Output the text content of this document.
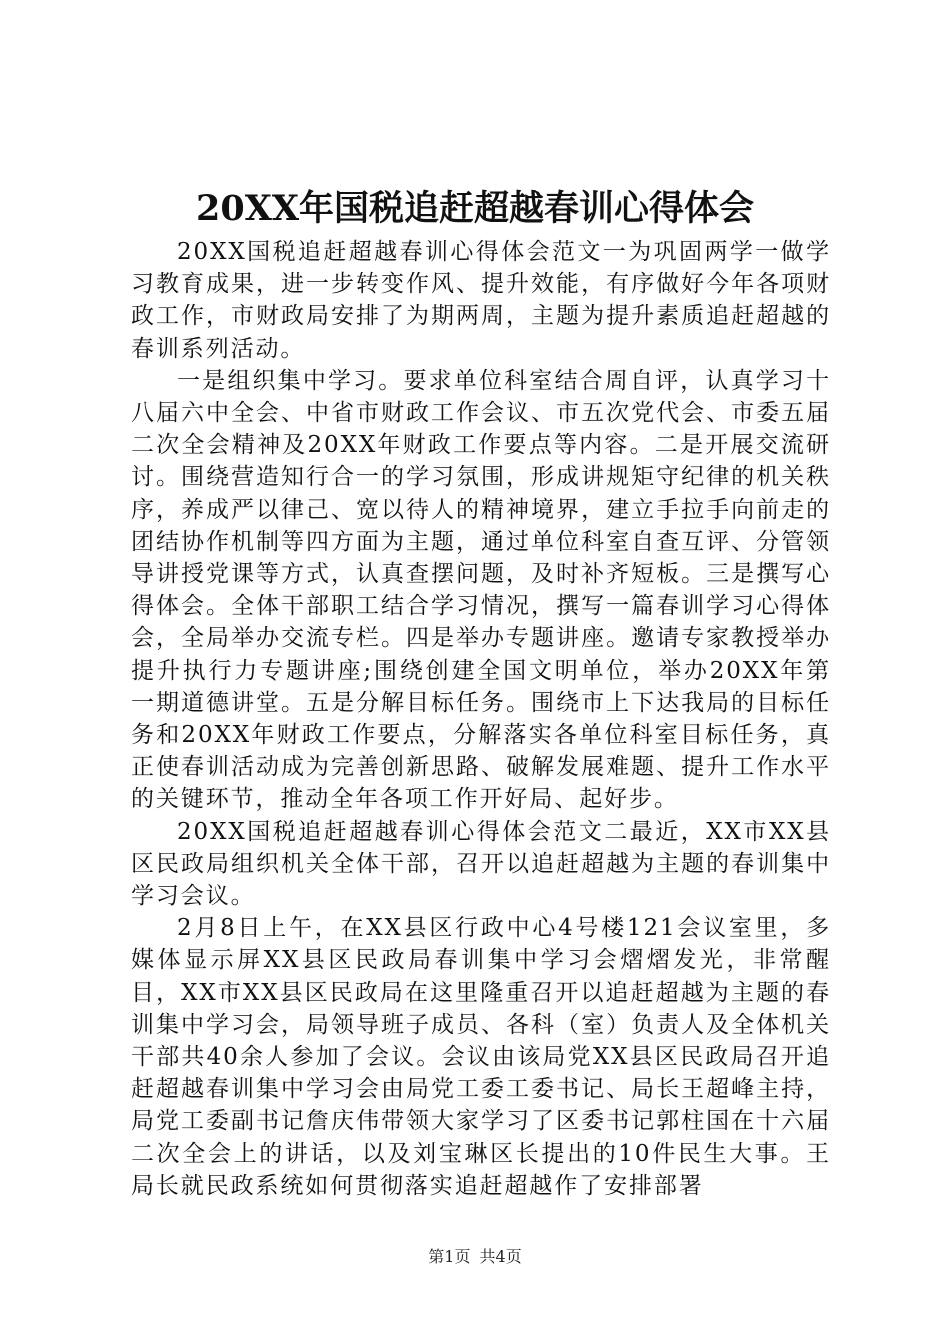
20XX年国税追赶超越春训心得体会

20XX国税追赶超越春训心得体会范文一为巩固两学一做学习教育成果，进一步转变作风、提升效能，有序做好今年各项财政工作，市财政局安排了为期两周，主题为提升素质追赶超越的春训系列活动。

一是组织集中学习。要求单位科室结合周自评，认真学习十八届六中全会、中省市财政工作会议、市五次党代会、市委五届二次全会精神及20XX年财政工作要点等内容。二是开展交流研讨。围绕营造知行合一的学习氛围，形成讲规矩守纪律的机关秩序，养成严以律己、宽以待人的精神境界，建立手拉手向前走的团结协作机制等四方面为主题，通过单位科室自查互评、分管领导讲授党课等方式，认真查摆问题，及时补齐短板。三是撰写心得体会。全体干部职工结合学习情况，撰写一篇春训学习心得体会，全局举办交流专栏。四是举办专题讲座。邀请专家教授举办提升执行力专题讲座;围绕创建全国文明单位，举办20XX年第一期道德讲堂。五是分解目标任务。围绕市上下达我局的目标任务和20XX年财政工作要点，分解落实各单位科室目标任务，真正使春训活动成为完善创新思路、破解发展难题、提升工作水平的关键环节，推动全年各项工作开好局、起好步。

20XX国税追赶超越春训心得体会范文二最近，XX市XX县区民政局组织机关全体干部，召开以追赶超越为主题的春训集中学习会议。

2月8日上午，在XX县区行政中心4号楼121会议室里，多媒体显示屏XX县区民政局春训集中学习会熠熠发光，非常醒目，XX市XX县区民政局在这里隆重召开以追赶超越为主题的春训集中学习会，局领导班子成员、各科（室）负责人及全体机关干部共40余人参加了会议。会议由该局党XX县区民政局召开追赶超越春训集中学习会由局党工委工委书记、局长王超峰主持，局党工委副书记詹庆伟带领大家学习了区委书记郭柱国在十六届二次全会上的讲话，以及刘宝琳区长提出的10件民生大事。王局长就民政系统如何贯彻落实追赶超越作了安排部署

第1页 共4页
